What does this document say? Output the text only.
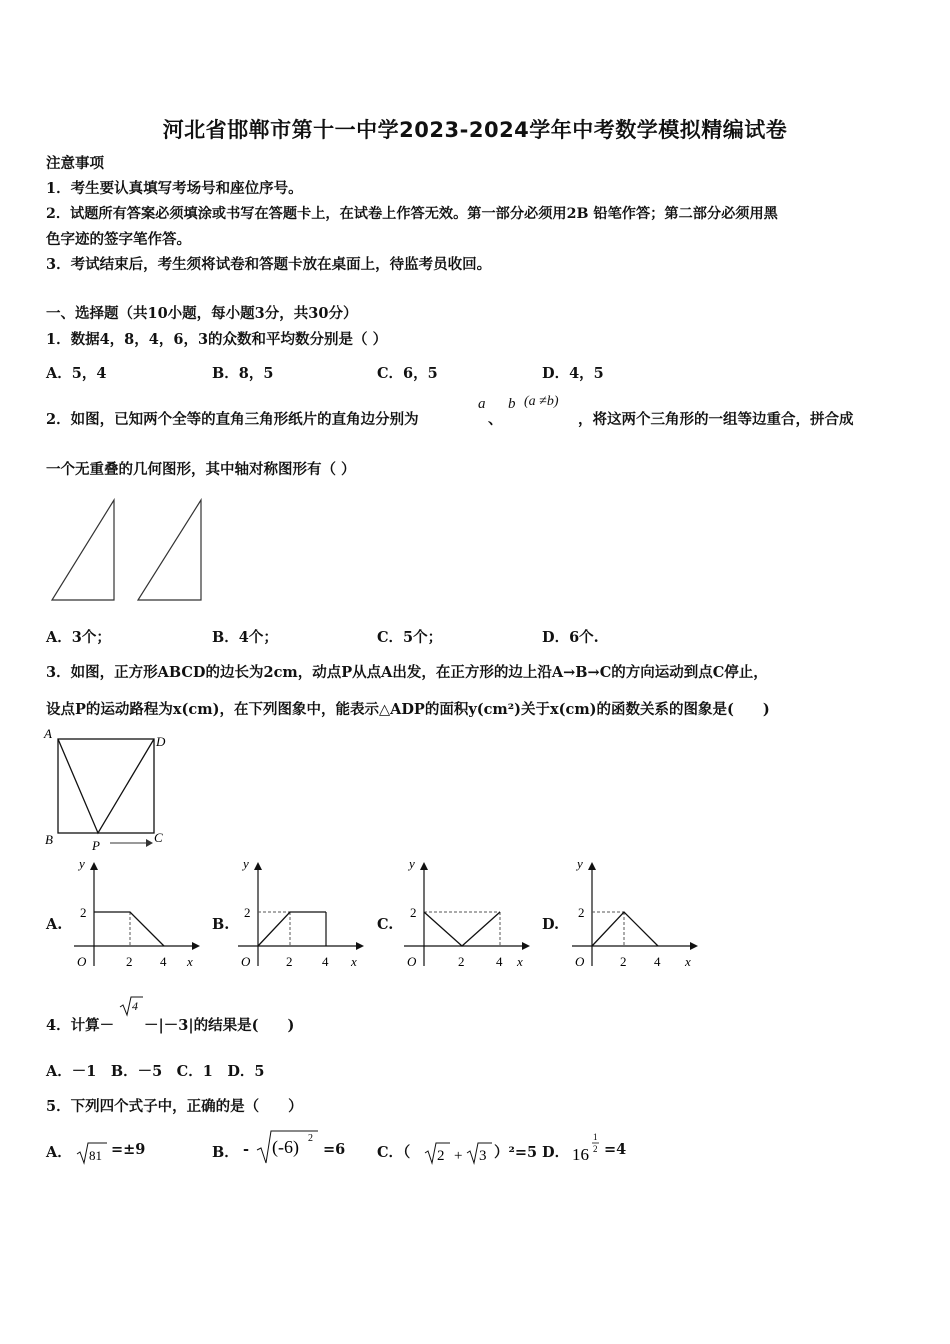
河北省邯郸市第十一中学2023-2024学年中考数学模拟精编试卷
注意事项
1．考生要认真填写考场号和座位序号。
2．试题所有答案必须填涂或书写在答题卡上，在试卷上作答无效。第一部分必须用2B 铅笔作答；第二部分必须用黑
色字迹的签字笔作答。
3．考试结束后，考生须将试卷和答题卡放在桌面上，待监考员收回。
一、选择题（共10小题，每小题3分，共30分）
1．数据4，8，4，6，3的众数和平均数分别是（ ）
A．5，4	B．8，5	C．6，5	D．4，5
2．如图，已知两个全等的直角三角形纸片的直角边分别为
a
、
b (a ≠b)
，将这两个三角形的一组等边重合，拼合成
一个无重叠的几何图形，其中轴对称图形有（ ）
A．3个；	B．4个；	C．5个；	D．6个.
3．如图，正方形ABCD的边长为2cm，动点P从点A出发，在正方形的边上沿A→B→C的方向运动到点C停止，
设点P的运动路程为x(cm)，在下列图象中，能表示△ADP的面积y(cm²)关于x(cm)的函数关系的图象是(　　)
A
D
B	C
P
A.
y
x
O
2
2 4
B.
y
x
O
2
2 4
C.
y
x
O
2
2 4
D.
y
x
O
2
2 4
4．计算－
4
－|－3|的结果是(　　)
A．－1　B．－5　C．1　D．5
5．下列四个式子中，正确的是（　　）
A． 81 =±9	B． - (-6) 2
=6 C．（ 2 + 3 ）²=5 D． 16
1
2 =4
